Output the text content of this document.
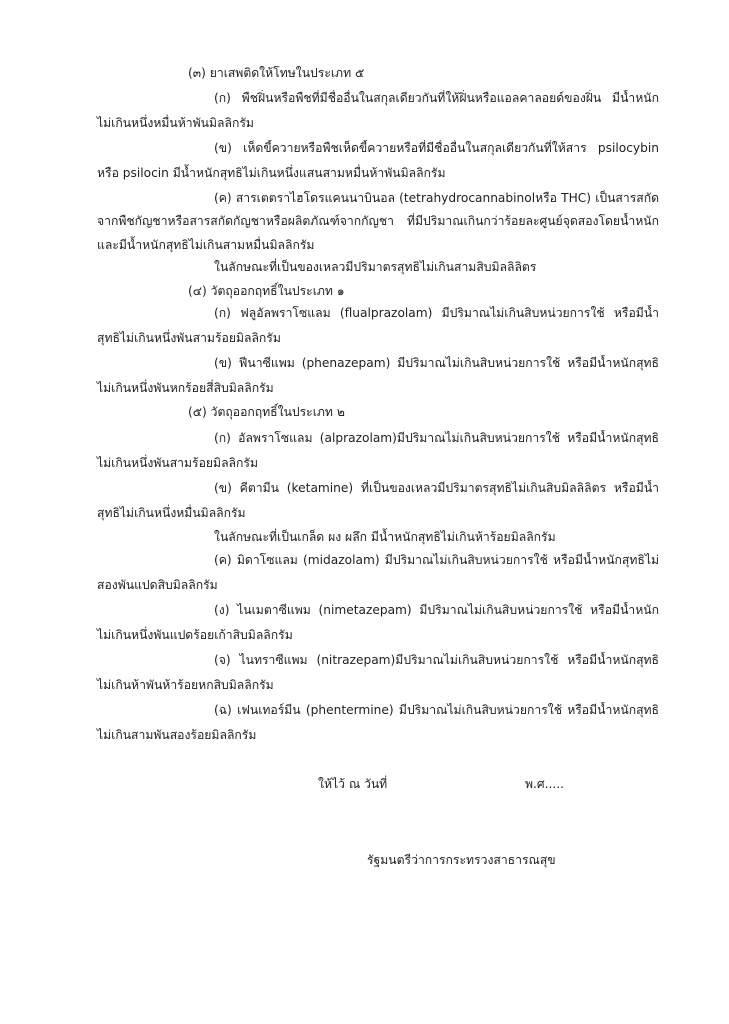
(๓) ยาเสพติดให้โทษในประเภท ๕
(ก) พืชฝิ่นหรือพืชที่มีชื่ออื่นในสกุลเดียวกันที่ให้ฝิ่นหรือแอลคาลอยด์ของฝิ่น มีน้ำหนัก
ไม่เกินหนึ่งหมื่นห้าพันมิลลิกรัม
(ข) เห็ดขี้ควายหรือพืชเห็ดขี้ควายหรือที่มีชื่ออื่นในสกุลเดียวกันที่ให้สาร psilocybin
หรือ psilocin มีน้ำหนักสุทธิไม่เกินหนึ่งแสนสามหมื่นห้าพันมิลลิกรัม
(ค) สารเตตราไฮโดรแคนนาบินอล (tetrahydrocannabinolหรือ THC) เป็นสารสกัด
จากพืชกัญชาหรือสารสกัดกัญชาหรือผลิตภัณฑ์จากกัญชา ที่มีปริมาณเกินกว่าร้อยละศูนย์จุดสองโดยน้ำหนัก
และมีน้ำหนักสุทธิไม่เกินสามหมื่นมิลลิกรัม
ในลักษณะที่เป็นของเหลวมีปริมาตรสุทธิไม่เกินสามสิบมิลลิลิตร
(๔) วัตถุออกฤทธิ์ในประเภท ๑
(ก) ฟลูอัลพราโซแลม (flualprazolam) มีปริมาณไม่เกินสิบหน่วยการใช้ หรือมีน้ำ
สุทธิไม่เกินหนึ่งพันสามร้อยมิลลิกรัม
(ข) ฟีนาซีแพม (phenazepam) มีปริมาณไม่เกินสิบหน่วยการใช้ หรือมีน้ำหนักสุทธิ
ไม่เกินหนึ่งพันหกร้อยสี่สิบมิลลิกรัม
(๕) วัตถุออกฤทธิ์ในประเภท ๒
(ก) อัลพราโซแลม (alprazolam)มีปริมาณไม่เกินสิบหน่วยการใช้ หรือมีน้ำหนักสุทธิ
ไม่เกินหนึ่งพันสามร้อยมิลลิกรัม
(ข) คีตามีน (ketamine) ที่เป็นของเหลวมีปริมาตรสุทธิไม่เกินสิบมิลลิลิตร หรือมีน้ำ
สุทธิไม่เกินหนึ่งหมื่นมิลลิกรัม
ในลักษณะที่เป็นเกล็ด ผง ผลึก มีน้ำหนักสุทธิไม่เกินห้าร้อยมิลลิกรัม
(ค) มิดาโซแลม (midazolam) มีปริมาณไม่เกินสิบหน่วยการใช้ หรือมีน้ำหนักสุทธิไม่
สองพันแปดสิบมิลลิกรัม
(ง) ไนเมตาซีแพม (nimetazepam) มีปริมาณไม่เกินสิบหน่วยการใช้ หรือมีน้ำหนัก
ไม่เกินหนึ่งพันแปดร้อยเก้าสิบมิลลิกรัม
(จ) ไนทราซีแพม (nitrazepam)มีปริมาณไม่เกินสิบหน่วยการใช้ หรือมีน้ำหนักสุทธิ
ไม่เกินห้าพันห้าร้อยหกสิบมิลลิกรัม
(ฉ) เฟนเทอร์มีน (phentermine) มีปริมาณไม่เกินสิบหน่วยการใช้ หรือมีน้ำหนักสุทธิ
ไม่เกินสามพันสองร้อยมิลลิกรัม
ให้ไว้ ณ วันที่	พ.ศ.....
รัฐมนตรีว่าการกระทรวงสาธารณสุข
